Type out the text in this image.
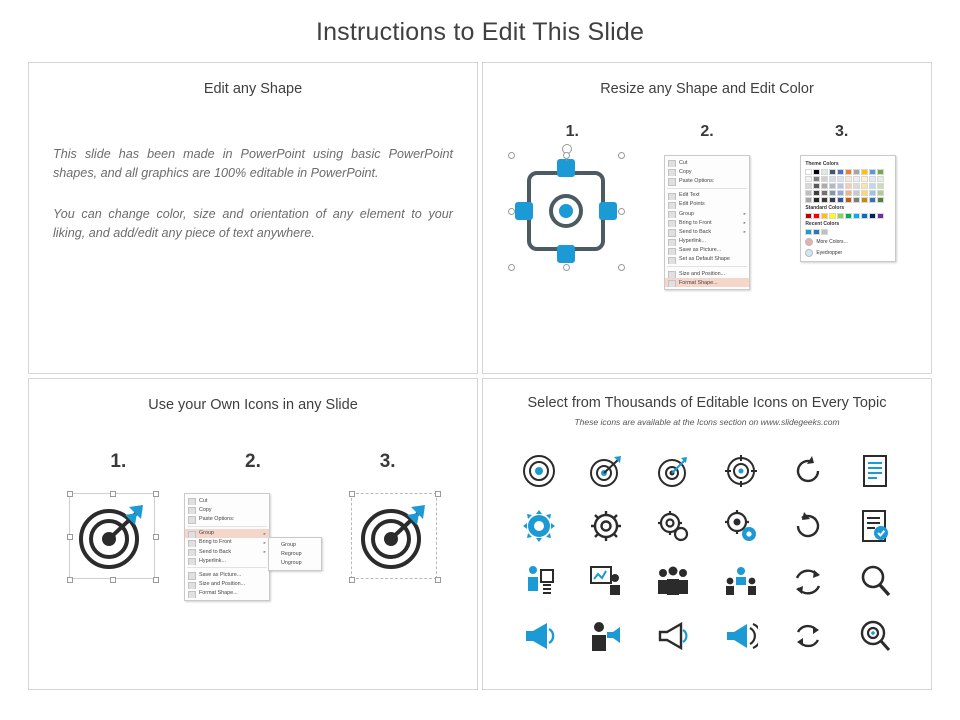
Instructions to Edit This Slide
Edit any Shape
This slide has been made in PowerPoint using basic PowerPoint shapes, and all graphics are 100% editable in PowerPoint.
You can change color, size and orientation of any element to your liking, and add/edit any piece of text anywhere.
Resize any Shape and Edit Color
1.	2.	3.
Cut
Copy
Paste Options:
Edit Text
Edit Points
Group	▸
Bring to Front	▸
Send to Back	▸
Hyperlink...
Save as Picture...
Set as Default Shape
Size and Position...
Format Shape...
Theme Colors
Standard Colors
Recent Colors
More Colors...
Eyedropper
Use your Own Icons in any Slide
1.	2.	3.
Cut
Copy
Paste Options:
Group	▸
Bring to Front	▸
Send to Back	▸
Hyperlink...
Save as Picture...
Size and Position...
Format Shape...
Group
Regroup
Ungroup
Select from Thousands of Editable Icons on Every Topic
These icons are available at the Icons section on www.slidegeeks.com
